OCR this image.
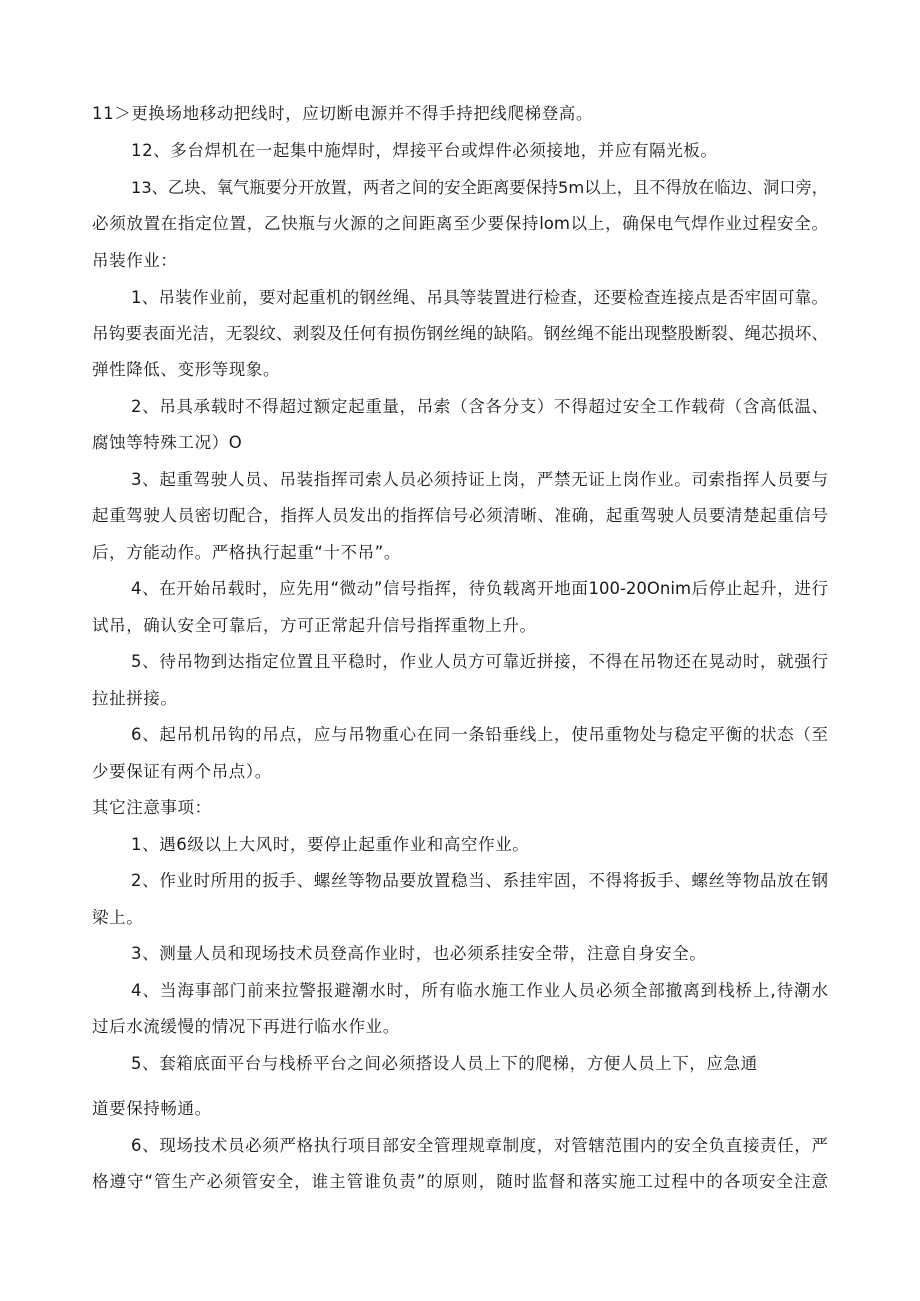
11＞更换场地移动把线时，应切断电源并不得手持把线爬梯登高。
12、多台焊机在一起集中施焊时，焊接平台或焊件必须接地，并应有隔光板。
13、乙块、氧气瓶要分开放置，两者之间的安全距离要保持5m以上，且不得放在临边、洞口旁，
必须放置在指定位置，乙快瓶与火源的之间距离至少要保持lom以上，确保电气焊作业过程安全。
吊装作业：
1、吊装作业前，要对起重机的钢丝绳、吊具等装置进行检查，还要检查连接点是否牢固可靠。
吊钩要表面光洁，无裂纹、剥裂及任何有损伤钢丝绳的缺陷。钢丝绳不能出现整股断裂、绳芯损坏、
弹性降低、变形等现象。
2、吊具承载时不得超过额定起重量，吊索（含各分支）不得超过安全工作载荷（含高低温、
腐蚀等特殊工况）O
3、起重驾驶人员、吊装指挥司索人员必须持证上岗，严禁无证上岗作业。司索指挥人员要与
起重驾驶人员密切配合，指挥人员发出的指挥信号必须清晰、准确，起重驾驶人员要清楚起重信号
后，方能动作。严格执行起重“十不吊”。
4、在开始吊载时，应先用“微动”信号指挥，待负载离开地面100-20Onim后停止起升，进行
试吊，确认安全可靠后，方可正常起升信号指挥重物上升。
5、待吊物到达指定位置且平稳时，作业人员方可靠近拼接，不得在吊物还在晃动时，就强行
拉扯拼接。
6、起吊机吊钩的吊点，应与吊物重心在同一条铅垂线上，使吊重物处与稳定平衡的状态（至
少要保证有两个吊点）。
其它注意事项：
1、遇6级以上大风时，要停止起重作业和高空作业。
2、作业时所用的扳手、螺丝等物品要放置稳当、系挂牢固，不得将扳手、螺丝等物品放在钢
梁上。
3、测量人员和现场技术员登高作业时，也必须系挂安全带，注意自身安全。
4、当海事部门前来拉警报避潮水时，所有临水施工作业人员必须全部撤离到栈桥上,待潮水
过后水流缓慢的情况下再进行临水作业。
5、套箱底面平台与栈桥平台之间必须搭设人员上下的爬梯，方便人员上下，应急通
道要保持畅通。
6、现场技术员必须严格执行项目部安全管理规章制度，对管辖范围内的安全负直接责任，严
格遵守“管生产必须管安全，谁主管谁负责”的原则，随时监督和落实施工过程中的各项安全注意
